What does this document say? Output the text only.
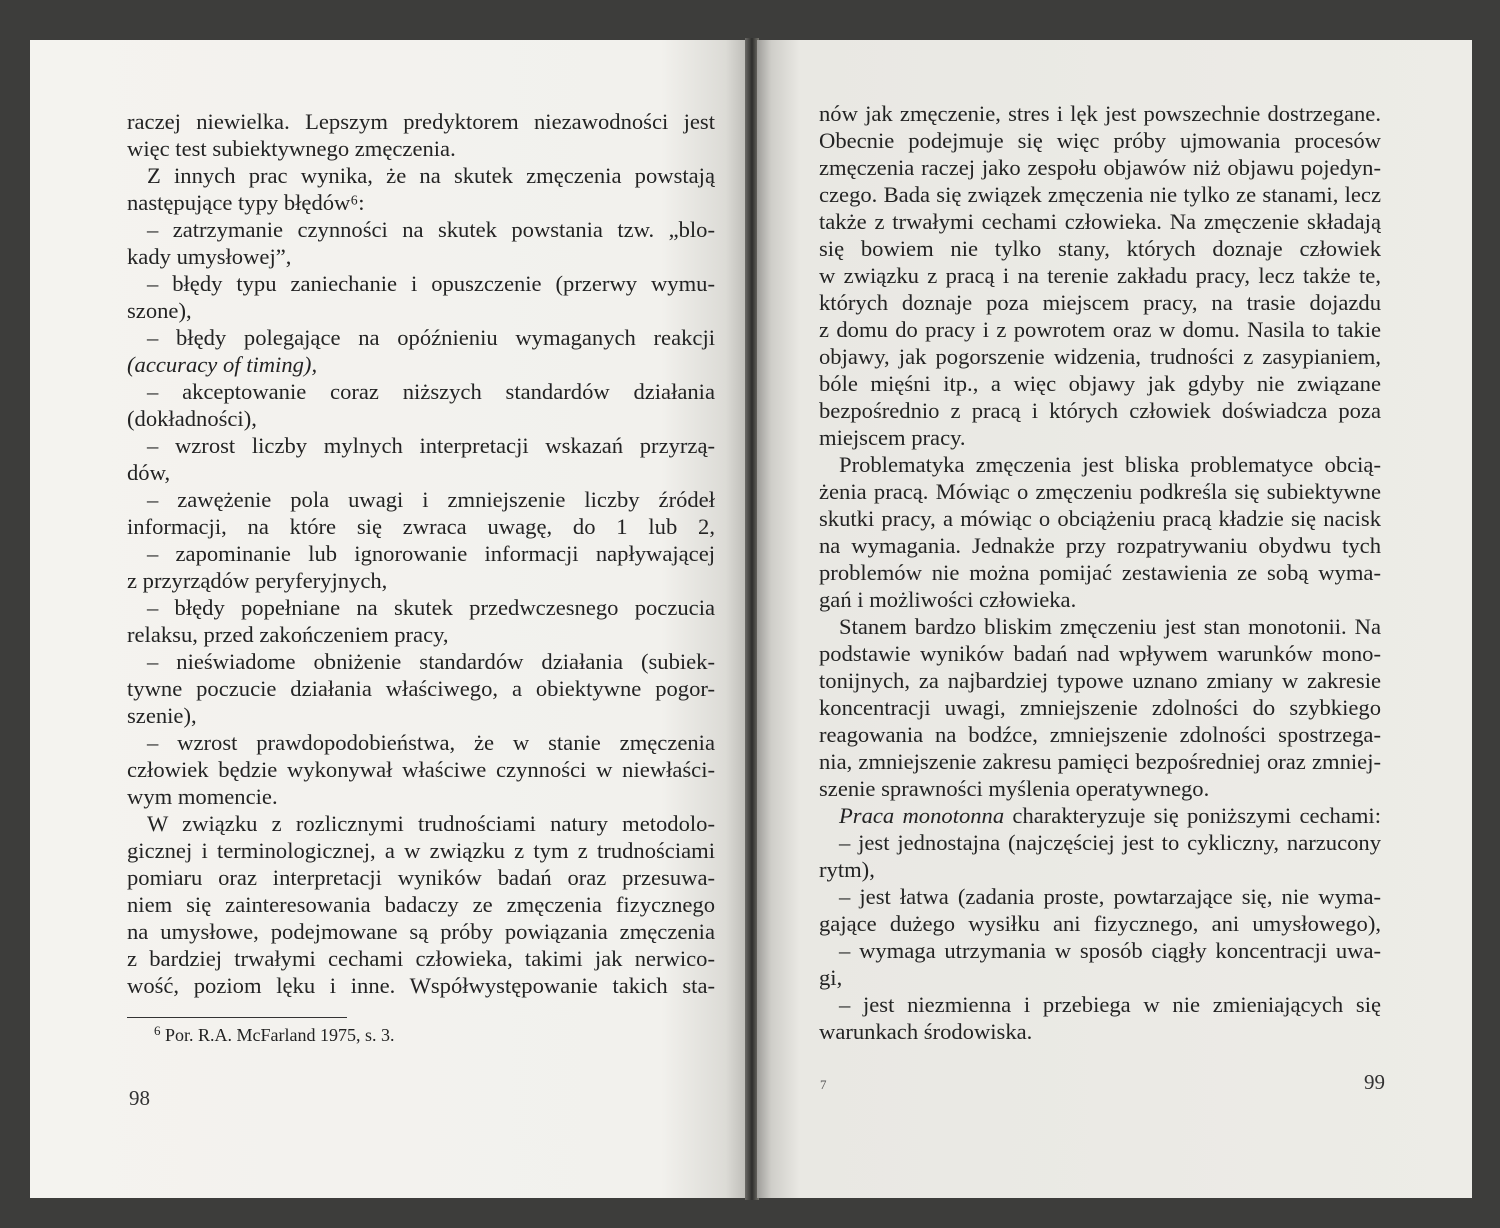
raczej niewielka. Lepszym predyktorem niezawodności jest
więc test subiektywnego zmęczenia.
Z innych prac wynika, że na skutek zmęczenia powstają
następujące typy błędów⁶:
– zatrzymanie czynności na skutek powstania tzw. „blo-
kady umysłowej”,
– błędy typu zaniechanie i opuszczenie (przerwy wymu-
szone),
– błędy polegające na opóźnieniu wymaganych reakcji
(accuracy of timing),
– akceptowanie coraz niższych standardów działania
(dokładności),
– wzrost liczby mylnych interpretacji wskazań przyrzą-
dów,
– zawężenie pola uwagi i zmniejszenie liczby źródeł
informacji, na które się zwraca uwagę, do 1 lub 2,
– zapominanie lub ignorowanie informacji napływającej
z przyrządów peryferyjnych,
– błędy popełniane na skutek przedwczesnego poczucia
relaksu, przed zakończeniem pracy,
– nieświadome obniżenie standardów działania (subiek-
tywne poczucie działania właściwego, a obiektywne pogor-
szenie),
– wzrost prawdopodobieństwa, że w stanie zmęczenia
człowiek będzie wykonywał właściwe czynności w niewłaści-
wym momencie.
W związku z rozlicznymi trudnościami natury metodolo-
gicznej i terminologicznej, a w związku z tym z trudnościami
pomiaru oraz interpretacji wyników badań oraz przesuwa-
niem się zainteresowania badaczy ze zmęczenia fizycznego
na umysłowe, podejmowane są próby powiązania zmęczenia
z bardziej trwałymi cechami człowieka, takimi jak nerwico-
wość, poziom lęku i inne. Współwystępowanie takich sta-
$^6$ Por. R.A. McFarland 1975, s. 3.
98
nów jak zmęczenie, stres i lęk jest powszechnie dostrzegane.
Obecnie podejmuje się więc próby ujmowania procesów
zmęczenia raczej jako zespołu objawów niż objawu pojedyn-
czego. Bada się związek zmęczenia nie tylko ze stanami, lecz
także z trwałymi cechami człowieka. Na zmęczenie składają
się bowiem nie tylko stany, których doznaje człowiek
w związku z pracą i na terenie zakładu pracy, lecz także te,
których doznaje poza miejscem pracy, na trasie dojazdu
z domu do pracy i z powrotem oraz w domu. Nasila to takie
objawy, jak pogorszenie widzenia, trudności z zasypianiem,
bóle mięśni itp., a więc objawy jak gdyby nie związane
bezpośrednio z pracą i których człowiek doświadcza poza
miejscem pracy.
Problematyka zmęczenia jest bliska problematyce obcią-
żenia pracą. Mówiąc o zmęczeniu podkreśla się subiektywne
skutki pracy, a mówiąc o obciążeniu pracą kładzie się nacisk
na wymagania. Jednakże przy rozpatrywaniu obydwu tych
problemów nie można pomijać zestawienia ze sobą wyma-
gań i możliwości człowieka.
Stanem bardzo bliskim zmęczeniu jest stan monotonii. Na
podstawie wyników badań nad wpływem warunków mono-
tonijnych, za najbardziej typowe uznano zmiany w zakresie
koncentracji uwagi, zmniejszenie zdolności do szybkiego
reagowania na bodźce, zmniejszenie zdolności spostrzega-
nia, zmniejszenie zakresu pamięci bezpośredniej oraz zmniej-
szenie sprawności myślenia operatywnego.
Praca monotonna charakteryzuje się poniższymi cechami:
– jest jednostajna (najczęściej jest to cykliczny, narzucony
rytm),
– jest łatwa (zadania proste, powtarzające się, nie wyma-
gające dużego wysiłku ani fizycznego, ani umysłowego),
– wymaga utrzymania w sposób ciągły koncentracji uwa-
gi,
– jest niezmienna i przebiega w nie zmieniających się
warunkach środowiska.
7	99
